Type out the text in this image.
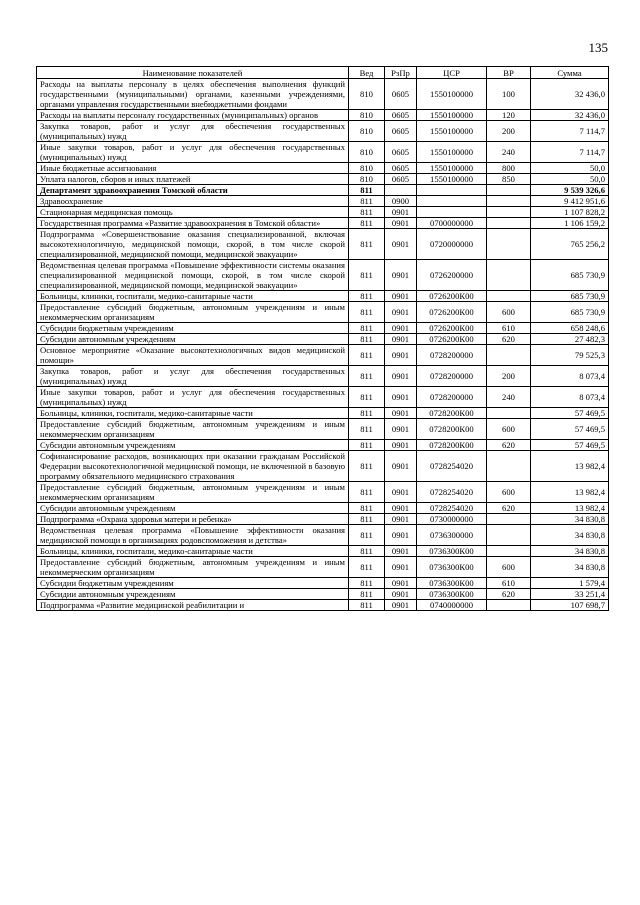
135
Наименование показателей	Вед	РзПр	ЦСР	ВР	Сумма
Расходы на выплаты персоналу в целях обеспечения выполнения функций государственными (муниципальными) органами, казенными учреждениями, органами управления государственными внебюджетными фондами	810	0605	1550100000	100	32 436,0
Расходы на выплаты персоналу государственных (муниципальных) органов	810	0605	1550100000	120	32 436,0
Закупка товаров, работ и услуг для обеспечения государственных (муниципальных) нужд	810	0605	1550100000	200	7 114,7
Иные закупки товаров, работ и услуг для обеспечения государственных (муниципальных) нужд	810	0605	1550100000	240	7 114,7
Иные бюджетные ассигнования	810	0605	1550100000	800	50,0
Уплата налогов, сборов и иных платежей	810	0605	1550100000	850	50,0
Департамент здравоохранения Томской области	811				9 539 326,6
Здравоохранение	811	0900			9 412 951,6
Стационарная медицинская помощь	811	0901			1 107 828,2
Государственная программа «Развитие здравоохранения в Томской области»	811	0901	0700000000		1 106 159,2
Подпрограмма «Совершенствование оказания специализированной, включая высокотехнологичную, медицинской помощи, скорой, в том числе скорой специализированной, медицинской помощи, медицинской эвакуации»	811	0901	0720000000		765 256,2
Ведомственная целевая программа «Повышение эффективности системы оказания специализированной медицинской помощи, скорой, в том числе скорой специализированной, медицинской помощи, медицинской эвакуации»	811	0901	0726200000		685 730,9
Больницы, клиники, госпитали, медико-санитарные части	811	0901	0726200К00		685 730,9
Предоставление субсидий бюджетным, автономным учреждениям и иным некоммерческим организациям	811	0901	0726200К00	600	685 730,9
Субсидии бюджетным учреждениям	811	0901	0726200К00	610	658 248,6
Субсидии автономным учреждениям	811	0901	0726200К00	620	27 482,3
Основное мероприятие «Оказание высокотехнологичных видов медицинской помощи»	811	0901	0728200000		79 525,3
Закупка товаров, работ и услуг для обеспечения государственных (муниципальных) нужд	811	0901	0728200000	200	8 073,4
Иные закупки товаров, работ и услуг для обеспечения государственных (муниципальных) нужд	811	0901	0728200000	240	8 073,4
Больницы, клиники, госпитали, медико-санитарные части	811	0901	0728200К00		57 469,5
Предоставление субсидий бюджетным, автономным учреждениям и иным некоммерческим организациям	811	0901	0728200К00	600	57 469,5
Субсидии автономным учреждениям	811	0901	0728200К00	620	57 469,5
Софинансирование расходов, возникающих при оказании гражданам Российской Федерации высокотехнологичной медицинской помощи, не включенной в базовую программу обязательного медицинского страхования	811	0901	0728254020		13 982,4
Предоставление субсидий бюджетным, автономным учреждениям и иным некоммерческим организациям	811	0901	0728254020	600	13 982,4
Субсидии автономным учреждениям	811	0901	0728254020	620	13 982,4
Подпрограмма «Охрана здоровья матери и ребенка»	811	0901	0730000000		34 830,8
Ведомственная целевая программа «Повышение эффективности оказания медицинской помощи в организациях родовспоможения и детства»	811	0901	0736300000		34 830,8
Больницы, клиники, госпитали, медико-санитарные части	811	0901	0736300К00		34 830,8
Предоставление субсидий бюджетным, автономным учреждениям и иным некоммерческим организациям	811	0901	0736300К00	600	34 830,8
Субсидии бюджетным учреждениям	811	0901	0736300К00	610	1 579,4
Субсидии автономным учреждениям	811	0901	0736300К00	620	33 251,4
Подпрограмма «Развитие медицинской реабилитации и	811	0901	0740000000		107 698,7
